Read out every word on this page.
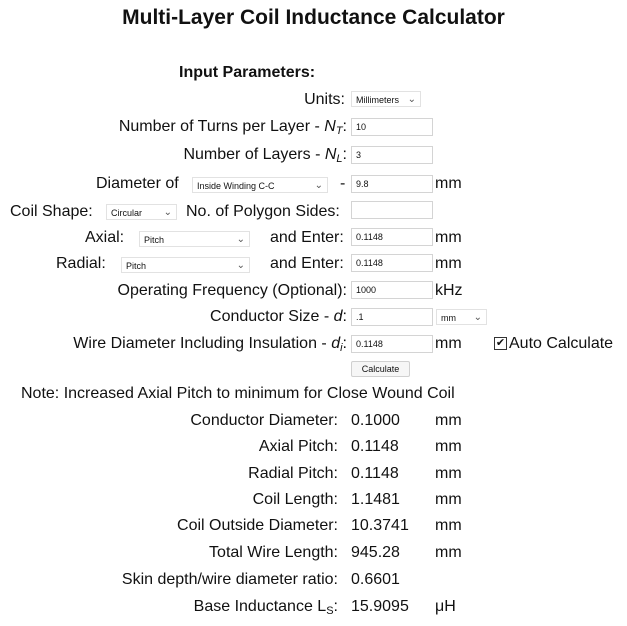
Multi-Layer Coil Inductance Calculator
Input Parameters:
Units:	Millimeters ⌄
Number of Turns per Layer - $N_T$:	10
Number of Layers - $N_L$:	3
Diameter of	Inside Winding C-C	⌄ -	9.8	mm
Coil Shape:	Circular ⌄ No. of Polygon Sides:
Axial:	Pitch	⌄ and Enter:	0.1148	mm
Radial:	Pitch	⌄ and Enter:	0.1148	mm
Operating Frequency (Optional):	1000	kHz
Conductor Size - d:	.1	mm ⌄
Wire Diameter Including Insulation - $d_i$:	0.1148	mm	✔ Auto Calculate
Calculate
Note: Increased Axial Pitch to minimum for Close Wound Coil
Conductor Diameter: 0.1000 mm
Axial Pitch: 0.1148 mm
Radial Pitch: 0.1148 mm
Coil Length: 1.1481 mm
Coil Outside Diameter: 10.3741 mm
Total Wire Length: 945.28 mm
Skin depth/wire diameter ratio: 0.6601
Base Inductance $L_S$: 15.9095 μH
